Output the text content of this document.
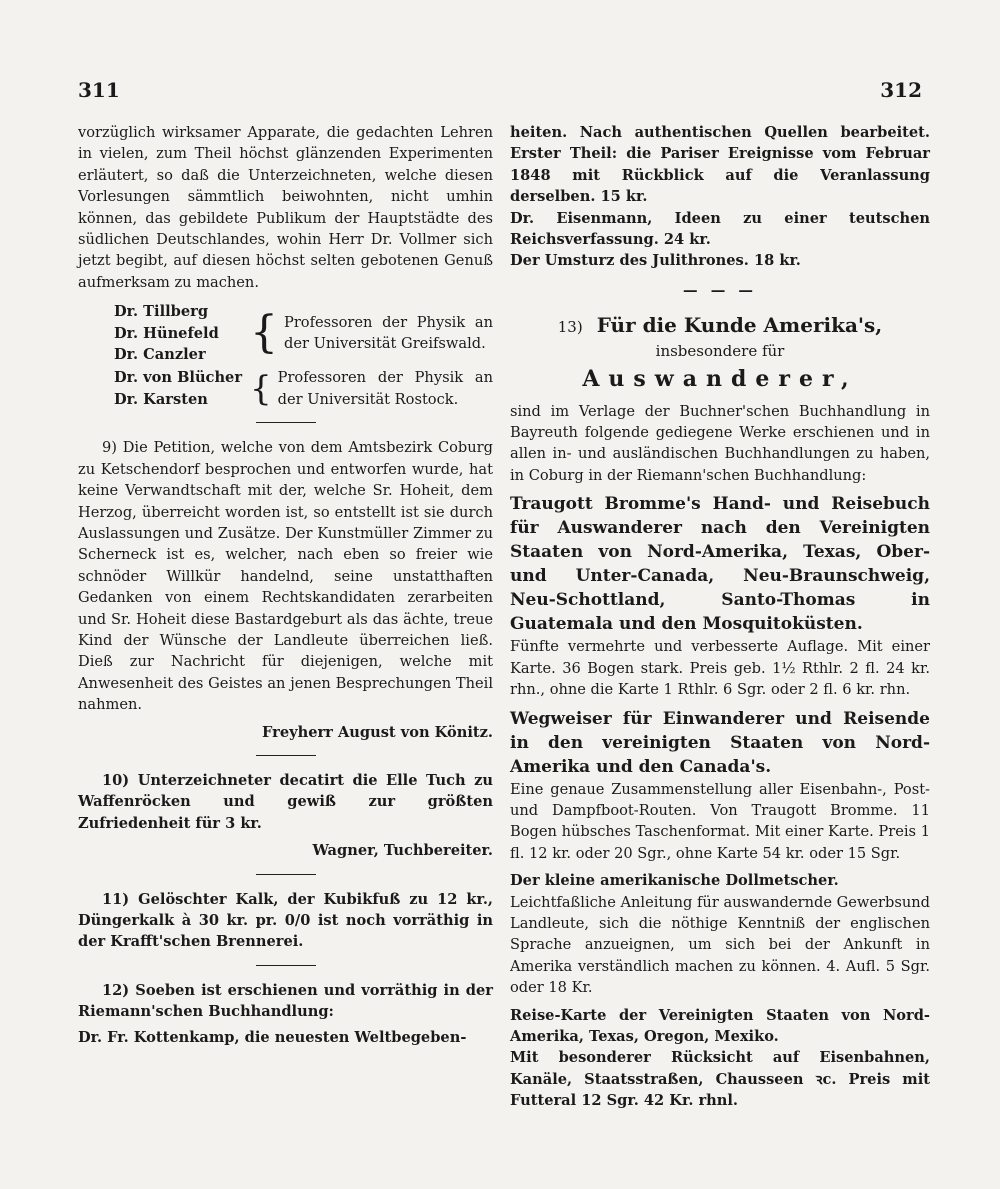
311	312

vorzüglich wirksamer Apparate, die gedachten Lehren in vielen, zum Theil höchst glänzenden Experimenten erläutert, so daß die Unterzeichneten, welche diesen Vorlesungen sämmtlich beiwohnten, nicht umhin können, das gebildete Publikum der Hauptstädte des südlichen Deutschlandes, wohin Herr Dr. Vollmer sich jetzt begibt, auf diesen höchst selten gebotenen Genuß aufmerksam zu machen.

Dr. Tillberg
Dr. Hünefeld
Dr. Canzler	{ Professoren der Physik an der Universität Greifswald.
Dr. von Blücher
Dr. Karsten	{ Professoren der Physik an der Universität Rostock.

9) Die Petition, welche von dem Amtsbezirk Coburg zu Ketschendorf besprochen und entworfen wurde, hat keine Verwandtschaft mit der, welche Sr. Hoheit, dem Herzog, überreicht worden ist, so entstellt ist sie durch Auslassungen und Zusätze. Der Kunstmüller Zimmer zu Scherneck ist es, welcher, nach eben so freier wie schnöder Willkür handelnd, seine unstatthaften Gedanken von einem Rechtskandidaten zerarbeiten und Sr. Hoheit diese Bastardgeburt als das ächte, treue Kind der Wünsche der Landleute überreichen ließ. Dieß zur Nachricht für diejenigen, welche mit Anwesenheit des Geistes an jenen Besprechungen Theil nahmen.

Freyherr August von Könitz.

10) Unterzeichneter decatirt die Elle Tuch zu Waffenröcken und gewiß zur größten Zufriedenheit für 3 kr.

Wagner, Tuchbereiter.

11) Gelöschter Kalk, der Kubikfuß zu 12 kr., Düngerkalk à 30 kr. pr. 0/0 ist noch vorräthig in der Krafft'schen Brennerei.

12) Soeben ist erschienen und vorräthig in der Riemann'schen Buchhandlung:

Dr. Fr. Kottenkamp, die neuesten Weltbegeben-

heiten. Nach authentischen Quellen bearbeitet. Erster Theil: die Pariser Ereignisse vom Februar 1848 mit Rückblick auf die Veranlassung derselben. 15 kr.

Dr. Eisenmann, Ideen zu einer teutschen Reichsverfassung. 24 kr.

Der Umsturz des Julithrones. 18 kr.

— — —
13) Für die Kunde Amerika's,
insbesondere für
Auswanderer,

sind im Verlage der Buchner'schen Buchhandlung in Bayreuth folgende gediegene Werke erschienen und in allen in- und ausländischen Buchhandlungen zu haben, in Coburg in der Riemann'schen Buchhandlung:

Traugott Bromme's Hand- und Reisebuch für Auswanderer nach den Vereinigten Staaten von Nord-Amerika, Texas, Ober- und Unter-Canada, Neu-Braunschweig, Neu-Schottland, Santo-Thomas in Guatemala und den Mosquitoküsten.

Fünfte vermehrte und verbesserte Auflage. Mit einer Karte. 36 Bogen stark. Preis geb. 1½ Rthlr. 2 fl. 24 kr. rhn., ohne die Karte 1 Rthlr. 6 Sgr. oder 2 fl. 6 kr. rhn.

Wegweiser für Einwanderer und Reisende in den vereinigten Staaten von Nord-Amerika und den Canada's.

Eine genaue Zusammenstellung aller Eisenbahn-, Post- und Dampfboot-Routen. Von Traugott Bromme. 11 Bogen hübsches Taschenformat. Mit einer Karte. Preis 1 fl. 12 kr. oder 20 Sgr., ohne Karte 54 kr. oder 15 Sgr.

Der kleine amerikanische Dollmetscher.

Leichtfaßliche Anleitung für auswandernde Gewerbsund Landleute, sich die nöthige Kenntniß der englischen Sprache anzueignen, um sich bei der Ankunft in Amerika verständlich machen zu können. 4. Aufl. 5 Sgr. oder 18 Kr.

Reise-Karte der Vereinigten Staaten von Nord-Amerika, Texas, Oregon, Mexiko.

Mit besonderer Rücksicht auf Eisenbahnen, Kanäle, Staatsstraßen, Chausseen ꝛc. Preis mit Futteral 12 Sgr. 42 Kr. rhnl.
